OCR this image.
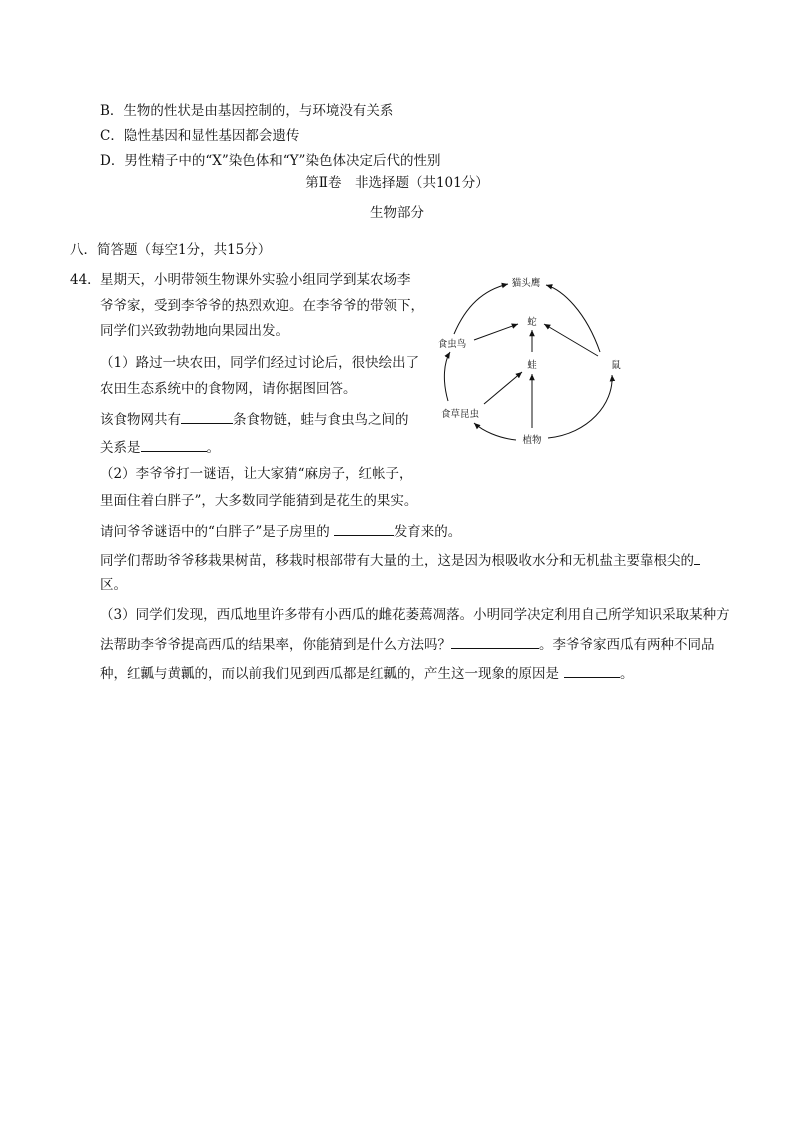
B．生物的性状是由基因控制的，与环境没有关系
C．隐性基因和显性基因都会遗传
D．男性精子中的“X”染色体和“Y”染色体决定后代的性别
第Ⅱ卷　非选择题（共101分）
生物部分
八．简答题（每空1分，共15分）
44． 星期天，小明带领生物课外实验小组同学到某农场李
爷爷家，受到李爷爷的热烈欢迎。在李爷爷的带领下，
同学们兴致勃勃地向果园出发。
（1）路过一块农田，同学们经过讨论后，很快绘出了
农田生态系统中的食物网，请你据图回答。
该食物网共有	条食物链，蛙与食虫鸟之间的
关系是	。
（2）李爷爷打一谜语，让大家猜“麻房子，红帐子，
里面住着白胖子”，大多数同学能猜到是花生的果实。
请问爷爷谜语中的“白胖子”是子房里的	发育来的。
同学们帮助爷爷移栽果树苗，移栽时根部带有大量的土，这是因为根吸收水分和无机盐主要靠根尖的
区。
（3）同学们发现，西瓜地里许多带有小西瓜的雌花萎蔫凋落。小明同学决定利用自己所学知识采取某种方
法帮助李爷爷提高西瓜的结果率，你能猜到是什么方法吗？	。李爷爷家西瓜有两种不同品
种，红瓤与黄瓤的，而以前我们见到西瓜都是红瓤的，产生这一现象的原因是	。
猫头鹰
蛇
食虫鸟
蛙	鼠
食草昆虫
植物
